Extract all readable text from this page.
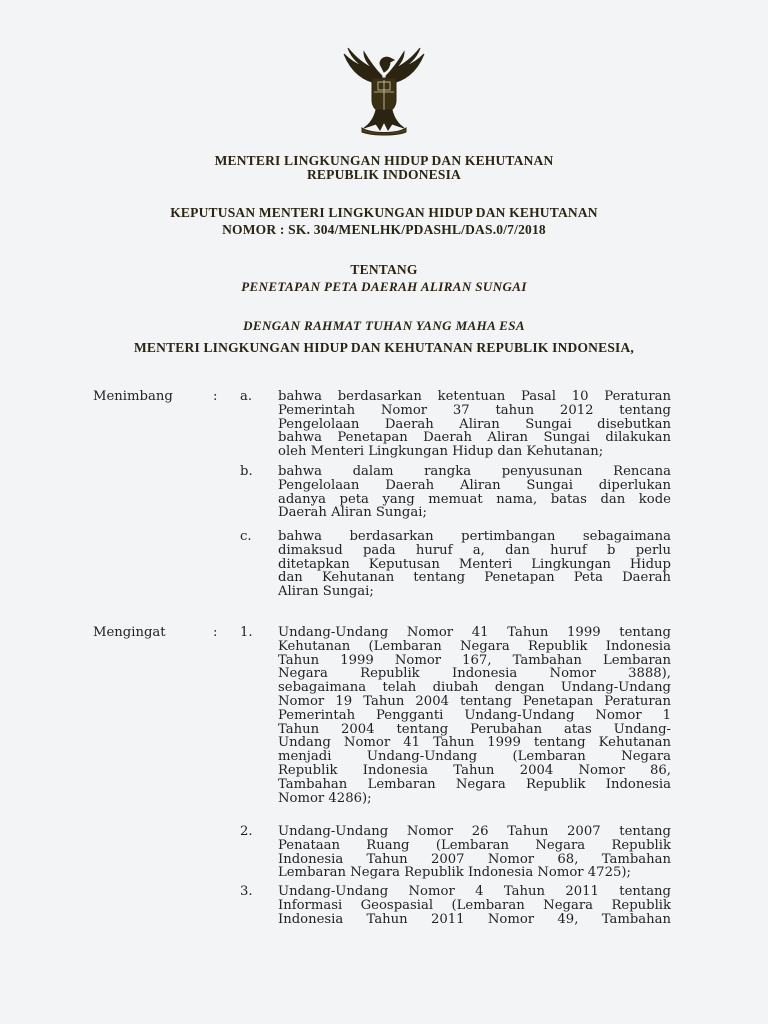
MENTERI LINGKUNGAN HIDUP DAN KEHUTANAN
REPUBLIK INDONESIA
KEPUTUSAN MENTERI LINGKUNGAN HIDUP DAN KEHUTANAN
NOMOR : SK. 304/MENLHK/PDASHL/DAS.0/7/2018
TENTANG
PENETAPAN PETA DAERAH ALIRAN SUNGAI
DENGAN RAHMAT TUHAN YANG MAHA ESA
MENTERI LINGKUNGAN HIDUP DAN KEHUTANAN REPUBLIK INDONESIA,
Menimbang	: a. bahwa berdasarkan ketentuan Pasal 10 Peraturan
Pemerintah Nomor 37 tahun 2012 tentang
Pengelolaan Daerah Aliran Sungai disebutkan
bahwa Penetapan Daerah Aliran Sungai dilakukan
oleh Menteri Lingkungan Hidup dan Kehutanan;
b. bahwa dalam rangka penyusunan Rencana
Pengelolaan Daerah Aliran Sungai diperlukan
adanya peta yang memuat nama, batas dan kode
Daerah Aliran Sungai;
c. bahwa berdasarkan pertimbangan sebagaimana
dimaksud pada huruf a, dan huruf b perlu
ditetapkan Keputusan Menteri Lingkungan Hidup
dan Kehutanan tentang Penetapan Peta Daerah
Aliran Sungai;
Mengingat	: 1. Undang-Undang Nomor 41 Tahun 1999 tentang
Kehutanan (Lembaran Negara Republik Indonesia
Tahun 1999 Nomor 167, Tambahan Lembaran
Negara Republik Indonesia Nomor 3888),
sebagaimana telah diubah dengan Undang-Undang
Nomor 19 Tahun 2004 tentang Penetapan Peraturan
Pemerintah Pengganti Undang-Undang Nomor 1
Tahun 2004 tentang Perubahan atas Undang-
Undang Nomor 41 Tahun 1999 tentang Kehutanan
menjadi Undang-Undang (Lembaran Negara
Republik Indonesia Tahun 2004 Nomor 86,
Tambahan Lembaran Negara Republik Indonesia
Nomor 4286);
2. Undang-Undang Nomor 26 Tahun 2007 tentang
Penataan Ruang (Lembaran Negara Republik
Indonesia Tahun 2007 Nomor 68, Tambahan
Lembaran Negara Republik Indonesia Nomor 4725);
3. Undang-Undang Nomor 4 Tahun 2011 tentang
Informasi Geospasial (Lembaran Negara Republik
Indonesia Tahun 2011 Nomor 49, Tambahan
